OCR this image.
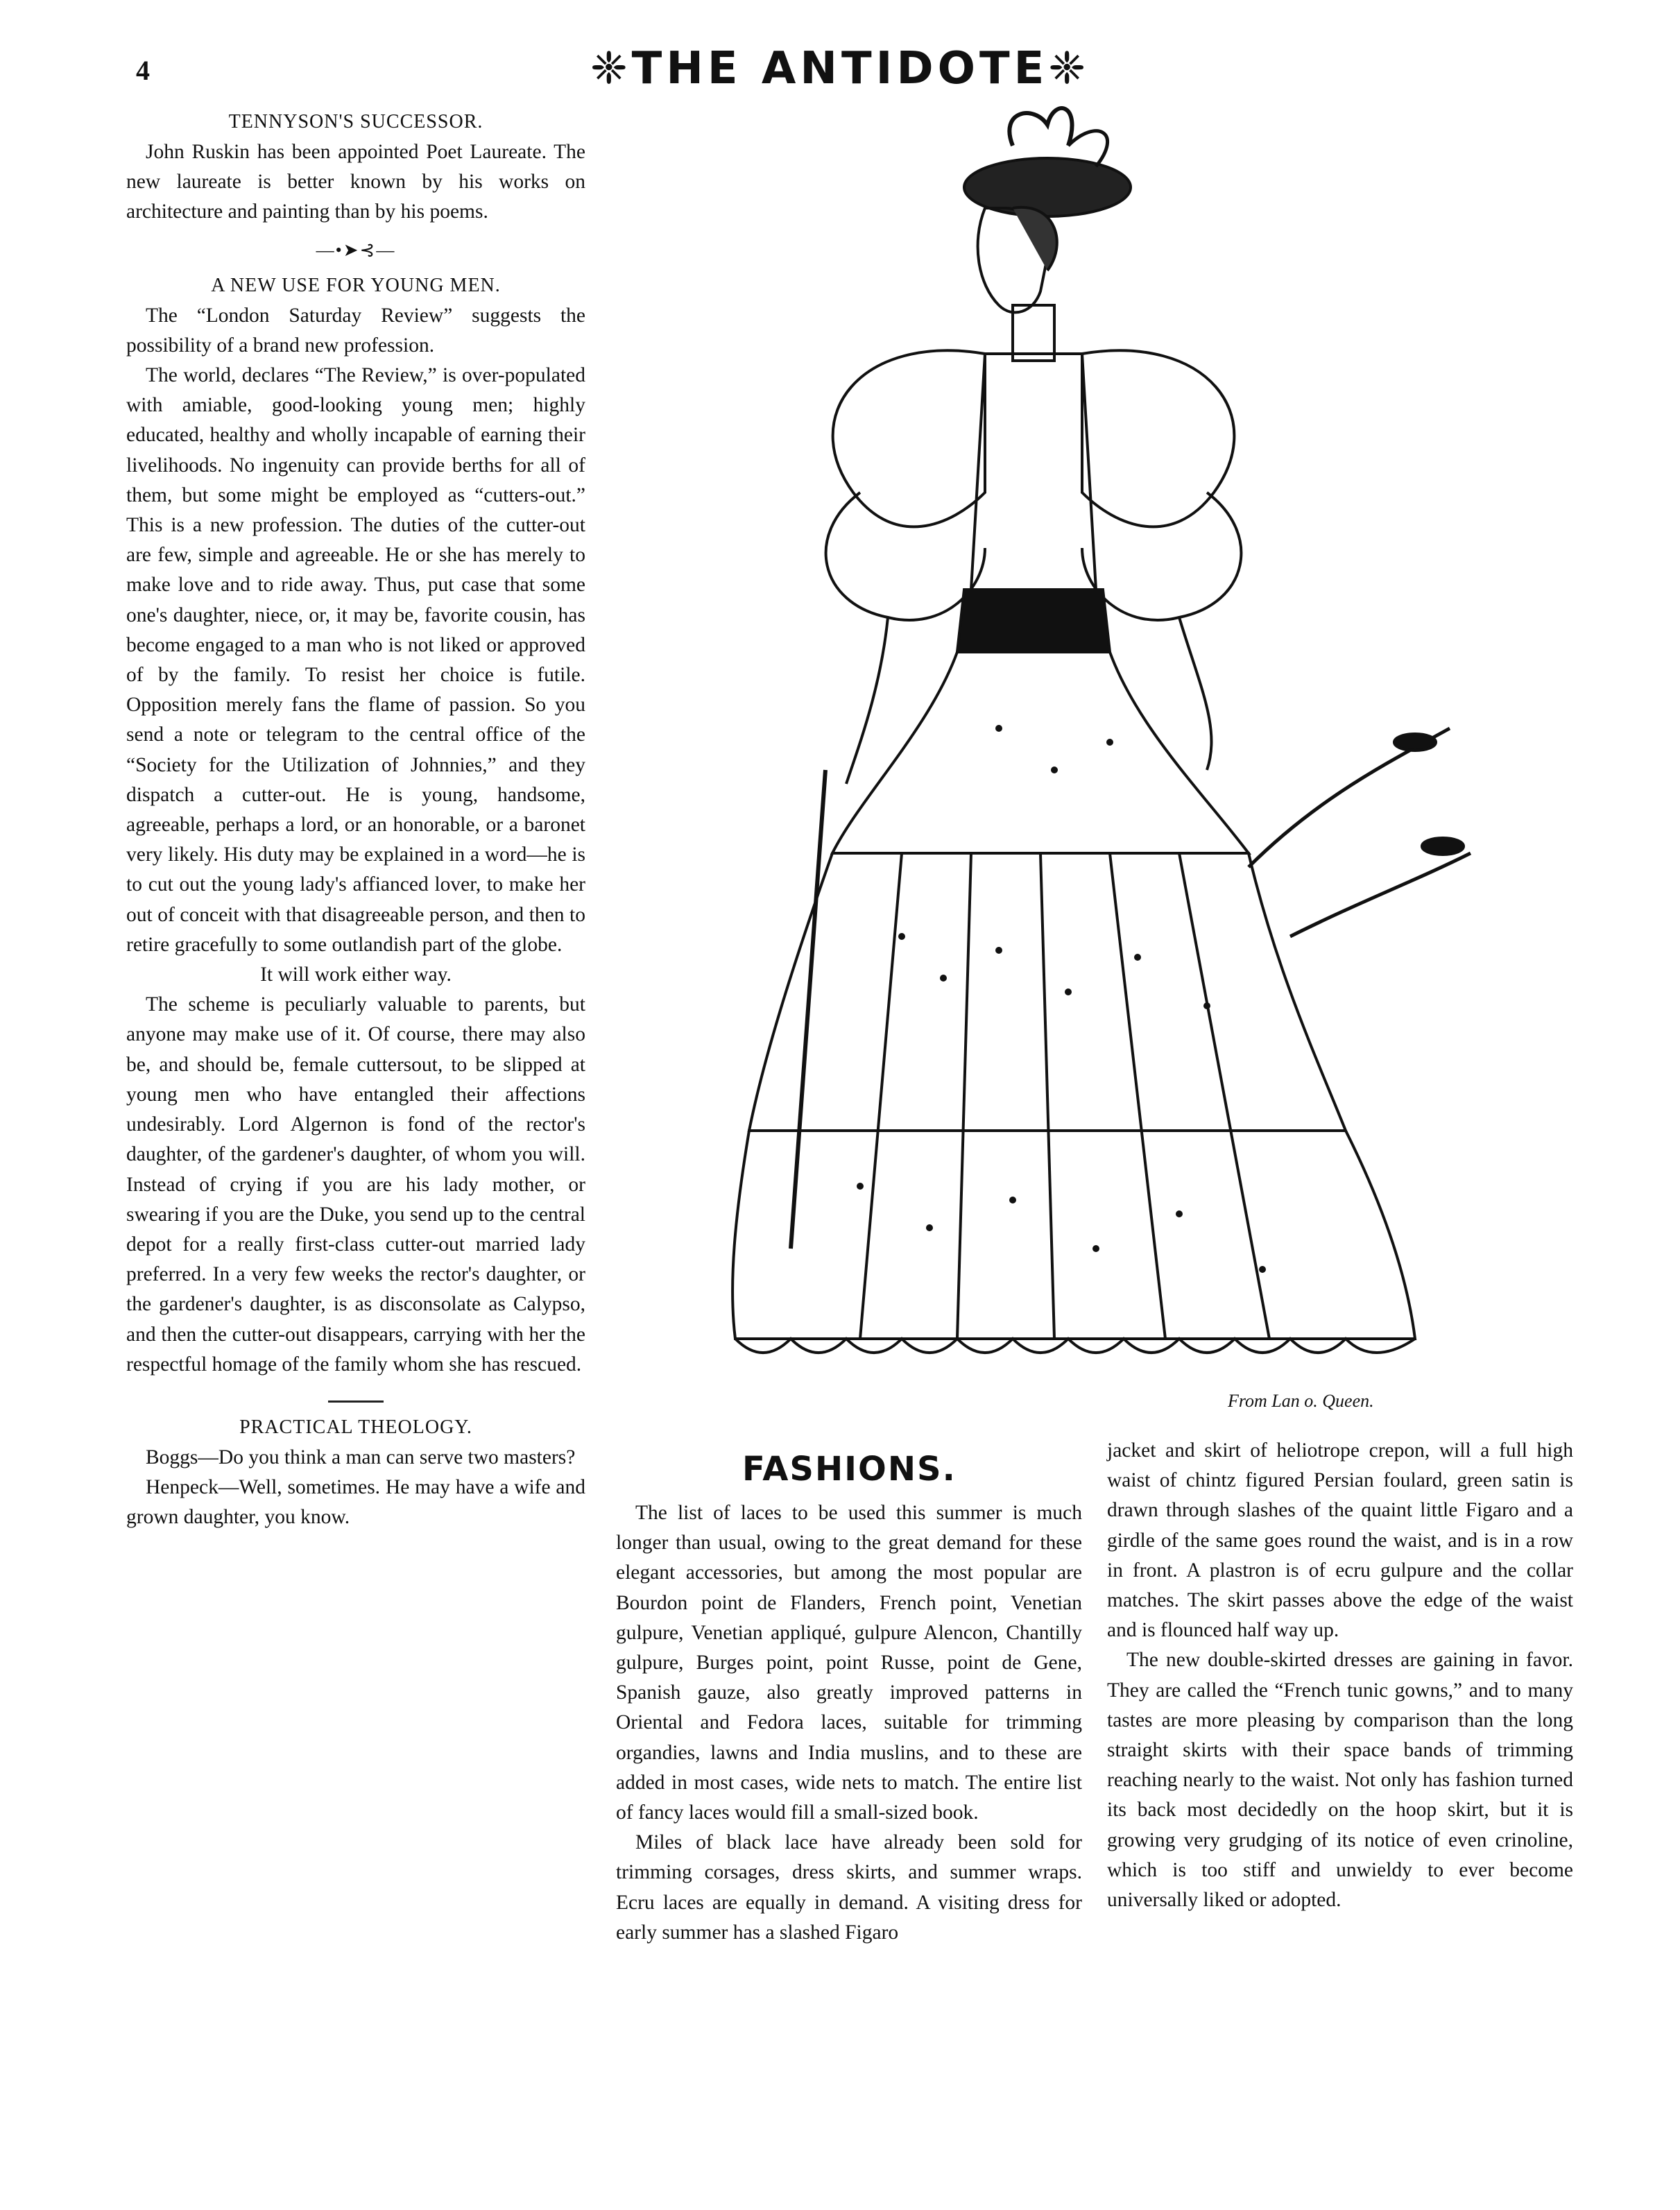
4	❈THE ANTIDOTE❈
TENNYSON'S SUCCESSOR.

John Ruskin has been appointed Poet Laureate. The new laureate is better known by his works on architecture and painting than by his poems.

—•➤⊰—
A NEW USE FOR YOUNG MEN.

The “London Saturday Review” suggests the possibility of a brand new profession.

The world, declares “The Review,” is over-populated with amiable, good-looking young men; highly educated, healthy and wholly incapable of earning their livelihoods. No ingenuity can provide berths for all of them, but some might be employed as “cutters-out.” This is a new profession. The duties of the cutter-out are few, simple and agreeable. He or she has merely to make love and to ride away. Thus, put case that some one's daughter, niece, or, it may be, favorite cousin, has become engaged to a man who is not liked or approved of by the family. To resist her choice is futile. Opposition merely fans the flame of passion. So you send a note or telegram to the central office of the “Society for the Utilization of Johnnies,” and they dispatch a cutter-out. He is young, handsome, agreeable, perhaps a lord, or an honorable, or a baronet very likely. His duty may be explained in a word—he is to cut out the young lady's affianced lover, to make her out of conceit with that disagreeable person, and then to retire gracefully to some outlandish part of the globe.

It will work either way.

The scheme is peculiarly valuable to parents, but anyone may make use of it. Of course, there may also be, and should be, female cuttersout, to be slipped at young men who have entangled their affections undesirably. Lord Algernon is fond of the rector's daughter, of the gardener's daughter, of whom you will. Instead of crying if you are his lady mother, or swearing if you are the Duke, you send up to the central depot for a really first-class cutter-out married lady preferred. In a very few weeks the rector's daughter, or the gardener's daughter, is as disconsolate as Calypso, and then the cutter-out disappears, carrying with her the respectful homage of the family whom she has rescued.

PRACTICAL THEOLOGY.

Boggs—Do you think a man can serve two masters?

Henpeck—Well, sometimes. He may have a wife and grown daughter, you know.

From Lan o. Queen.
FASHIONS.

The list of laces to be used this summer is much longer than usual, owing to the great demand for these elegant accessories, but among the most popular are Bourdon point de Flanders, French point, Venetian gulpure, Venetian appliqué, gulpure Alencon, Chantilly gulpure, Burges point, point Russe, point de Gene, Spanish gauze, also greatly improved patterns in Oriental and Fedora laces, suitable for trimming organdies, lawns and India muslins, and to these are added in most cases, wide nets to match. The entire list of fancy laces would fill a small-sized book.

Miles of black lace have already been sold for trimming corsages, dress skirts, and summer wraps. Ecru laces are equally in demand. A visiting dress for early summer has a slashed Figaro

jacket and skirt of heliotrope crepon, will a full high waist of chintz figured Persian foulard, green satin is drawn through slashes of the quaint little Figaro and a girdle of the same goes round the waist, and is in a row in front. A plastron is of ecru gulpure and the collar matches. The skirt passes above the edge of the waist and is flounced half way up.

The new double-skirted dresses are gaining in favor. They are called the “French tunic gowns,” and to many tastes are more pleasing by comparison than the long straight skirts with their space bands of trimming reaching nearly to the waist. Not only has fashion turned its back most decidedly on the hoop skirt, but it is growing very grudging of its notice of even crinoline, which is too stiff and unwieldy to ever become universally liked or adopted.
